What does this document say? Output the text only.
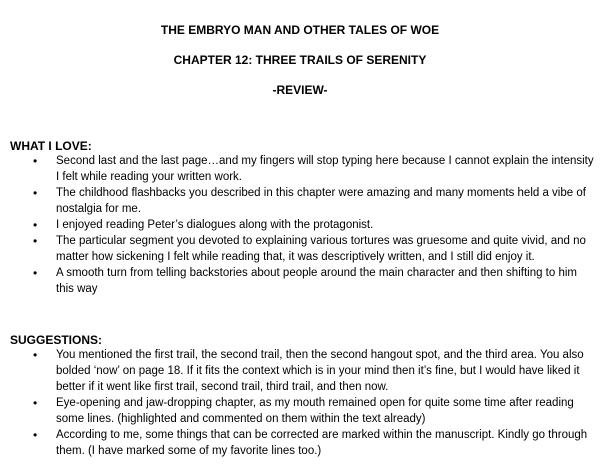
THE EMBRYO MAN AND OTHER TALES OF WOE
CHAPTER 12: THREE TRAILS OF SERENITY
-REVIEW-
WHAT I LOVE:
• Second last and the last page…and my fingers will stop typing here because I cannot explain the intensity I felt while reading your written work.
• The childhood flashbacks you described in this chapter were amazing and many moments held a vibe of nostalgia for me.
• I enjoyed reading Peter’s dialogues along with the protagonist.
• The particular segment you devoted to explaining various tortures was gruesome and quite vivid, and no matter how sickening I felt while reading that, it was descriptively written, and I still did enjoy it.
• A smooth turn from telling backstories about people around the main character and then shifting to him this way
SUGGESTIONS:
• You mentioned the first trail, the second trail, then the second hangout spot, and the third area. You also bolded ‘now’ on page 18. If it fits the context which is in your mind then it’s fine, but I would have liked it better if it went like first trail, second trail, third trail, and then now.
• Eye-opening and jaw-dropping chapter, as my mouth remained open for quite some time after reading some lines. (highlighted and commented on them within the text already)
• According to me, some things that can be corrected are marked within the manuscript. Kindly go through them. (I have marked some of my favorite lines too.)
